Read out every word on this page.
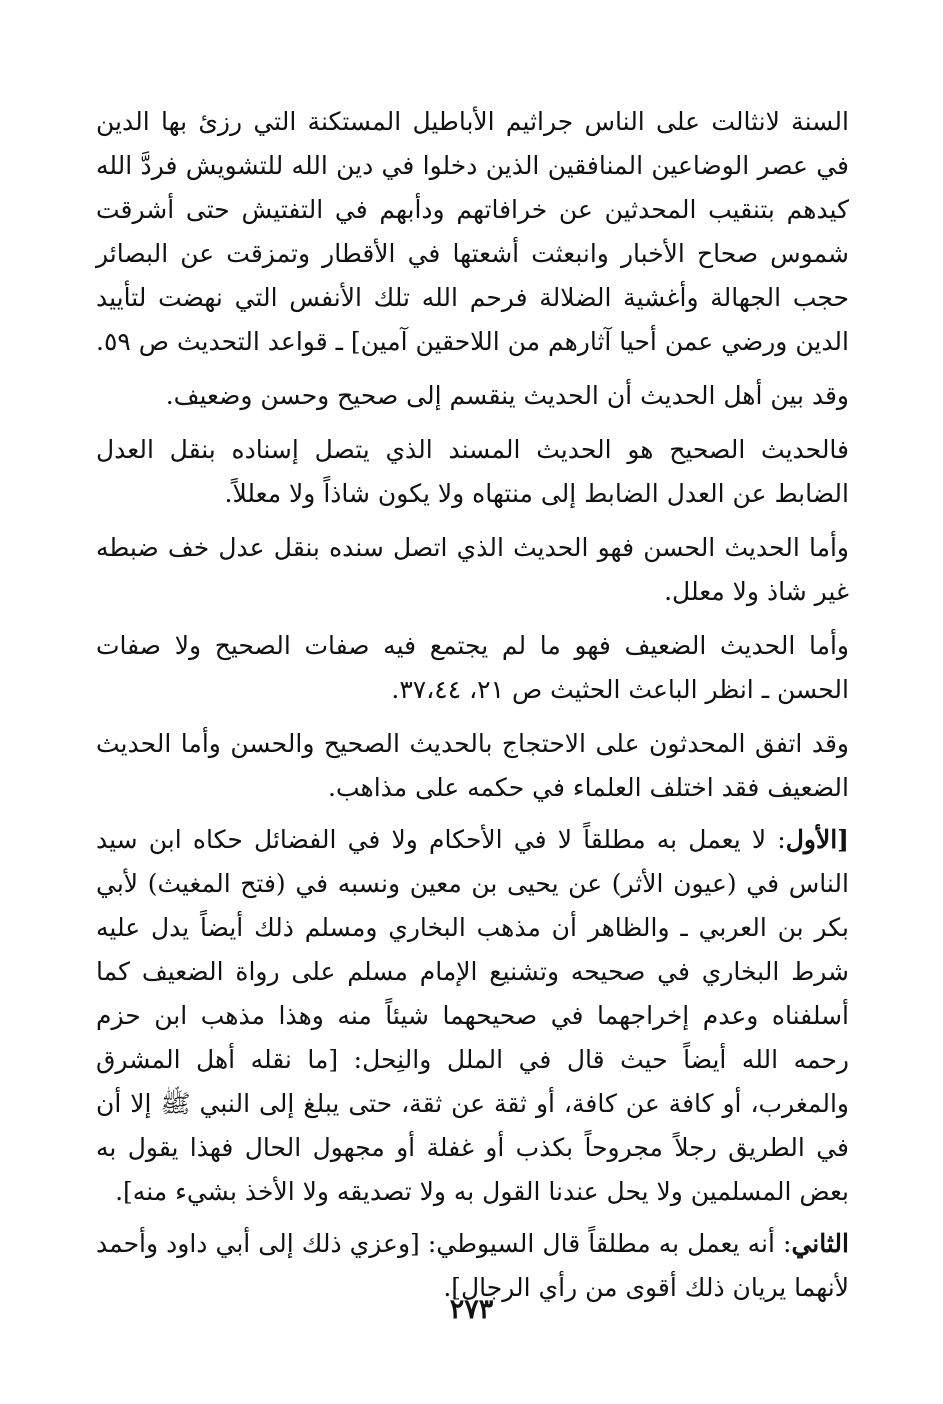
السنة لانثالت على الناس جراثيم الأباطيل المستكنة التي رزئ بها الدين في عصر الوضاعين المنافقين الذين دخلوا في دين الله للتشويش فردَّ الله كيدهم بتنقيب المحدثين عن خرافاتهم ودأبهم في التفتيش حتى أشرقت شموس صحاح الأخبار وانبعثت أشعتها في الأقطار وتمزقت عن البصائر حجب الجهالة وأغشية الضلالة فرحم الله تلك الأنفس التي نهضت لتأييد الدين ورضي عمن أحيا آثارهم من اللاحقين آمين] ـ قواعد التحديث ص ٥٩.

وقد بين أهل الحديث أن الحديث ينقسم إلى صحيح وحسن وضعيف.

فالحديث الصحيح هو الحديث المسند الذي يتصل إسناده بنقل العدل الضابط عن العدل الضابط إلى منتهاه ولا يكون شاذاً ولا معللاً.

وأما الحديث الحسن فهو الحديث الذي اتصل سنده بنقل عدل خف ضبطه غير شاذ ولا معلل.

وأما الحديث الضعيف فهو ما لم يجتمع فيه صفات الصحيح ولا صفات الحسن ـ انظر الباعث الحثيث ص ٢١، ٣٧،٤٤.

وقد اتفق المحدثون على الاحتجاج بالحديث الصحيح والحسن وأما الحديث الضعيف فقد اختلف العلماء في حكمه على مذاهب.

[الأول: لا يعمل به مطلقاً لا في الأحكام ولا في الفضائل حكاه ابن سيد الناس في (عيون الأثر) عن يحيى بن معين ونسبه في (فتح المغيث) لأبي بكر بن العربي ـ والظاهر أن مذهب البخاري ومسلم ذلك أيضاً يدل عليه شرط البخاري في صحيحه وتشنيع الإمام مسلم على رواة الضعيف كما أسلفناه وعدم إخراجهما في صحيحهما شيئاً منه وهذا مذهب ابن حزم رحمه الله أيضاً حيث قال في الملل والنِحل: [ما نقله أهل المشرق والمغرب، أو كافة عن كافة، أو ثقة عن ثقة، حتى يبلغ إلى النبي ﷺ إلا أن في الطريق رجلاً مجروحاً بكذب أو غفلة أو مجهول الحال فهذا يقول به بعض المسلمين ولا يحل عندنا القول به ولا تصديقه ولا الأخذ بشيء منه].

الثاني: أنه يعمل به مطلقاً قال السيوطي: [وعزي ذلك إلى أبي داود وأحمد لأنهما يريان ذلك أقوى من رأي الرجال].

٢٧٣
